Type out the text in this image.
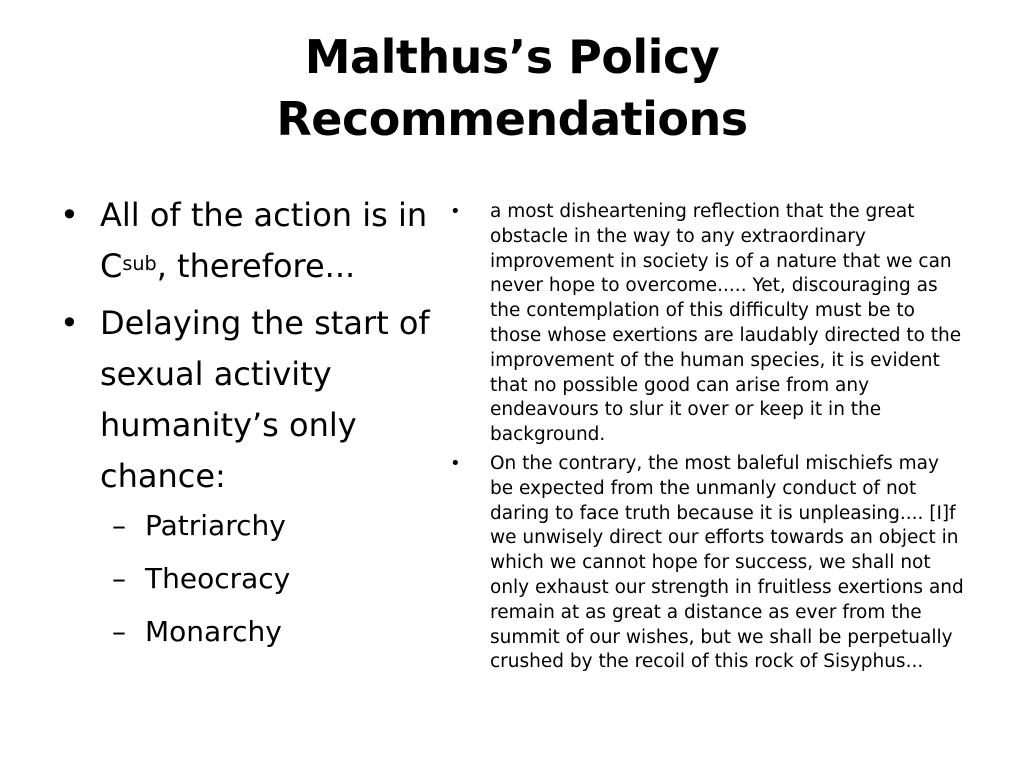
Malthus’s Policy
Recommendations
• All of the action is in $C^{sub}$, therefore...
• Delaying the start of sexual activity humanity’s only chance:
– Patriarchy
– Theocracy
– Monarchy
• a most disheartening reflection that the great obstacle in the way to any extraordinary improvement in society is of a nature that we can never hope to overcome..... Yet, discouraging as the contemplation of this difficulty must be to those whose exertions are laudably directed to the improvement of the human species, it is evident that no possible good can arise from any endeavours to slur it over or keep it in the background.
• On the contrary, the most baleful mischiefs may be expected from the unmanly conduct of not daring to face truth because it is unpleasing.... [I]f we unwisely direct our efforts towards an object in which we cannot hope for success, we shall not only exhaust our strength in fruitless exertions and remain at as great a distance as ever from the summit of our wishes, but we shall be perpetually crushed by the recoil of this rock of Sisyphus...
